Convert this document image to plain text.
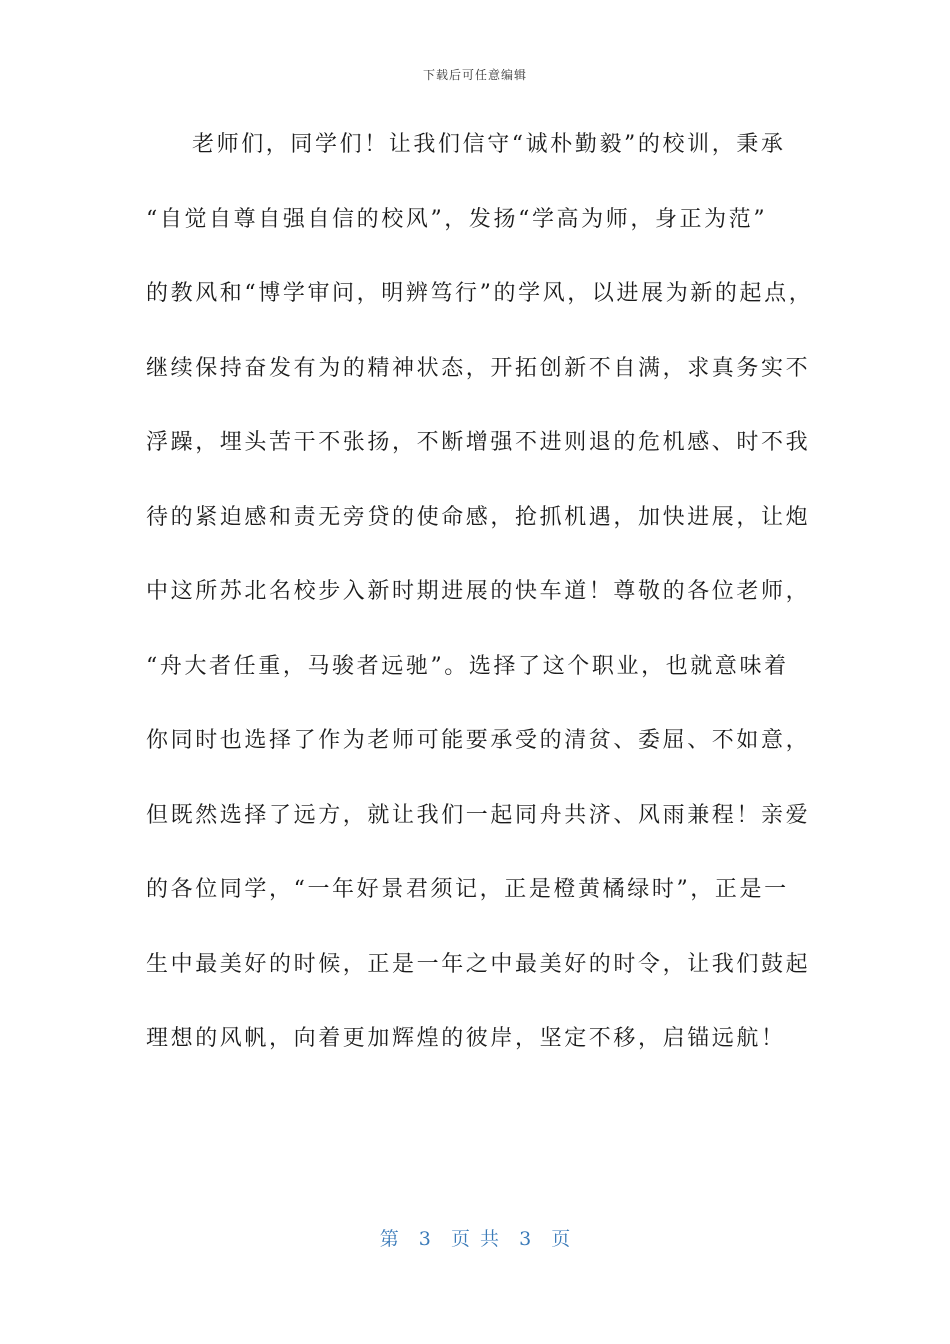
下载后可任意编辑
老师们，同学们！让我们信守“诚朴勤毅”的校训，秉承
“自觉自尊自强自信的校风”，发扬“学高为师，身正为范”
的教风和“博学审问，明辨笃行”的学风，以进展为新的起点，
继续保持奋发有为的精神状态，开拓创新不自满，求真务实不
浮躁，埋头苦干不张扬，不断增强不进则退的危机感、时不我
待的紧迫感和责无旁贷的使命感，抢抓机遇，加快进展，让炮
中这所苏北名校步入新时期进展的快车道！尊敬的各位老师，
“舟大者任重，马骏者远驰”。选择了这个职业，也就意味着
你同时也选择了作为老师可能要承受的清贫、委屈、不如意，
但既然选择了远方，就让我们一起同舟共济、风雨兼程！亲爱
的各位同学，“一年好景君须记，正是橙黄橘绿时”，正是一
生中最美好的时候，正是一年之中最美好的时令，让我们鼓起
理想的风帆，向着更加辉煌的彼岸，坚定不移，启锚远航！
第  3  页 共  3  页
